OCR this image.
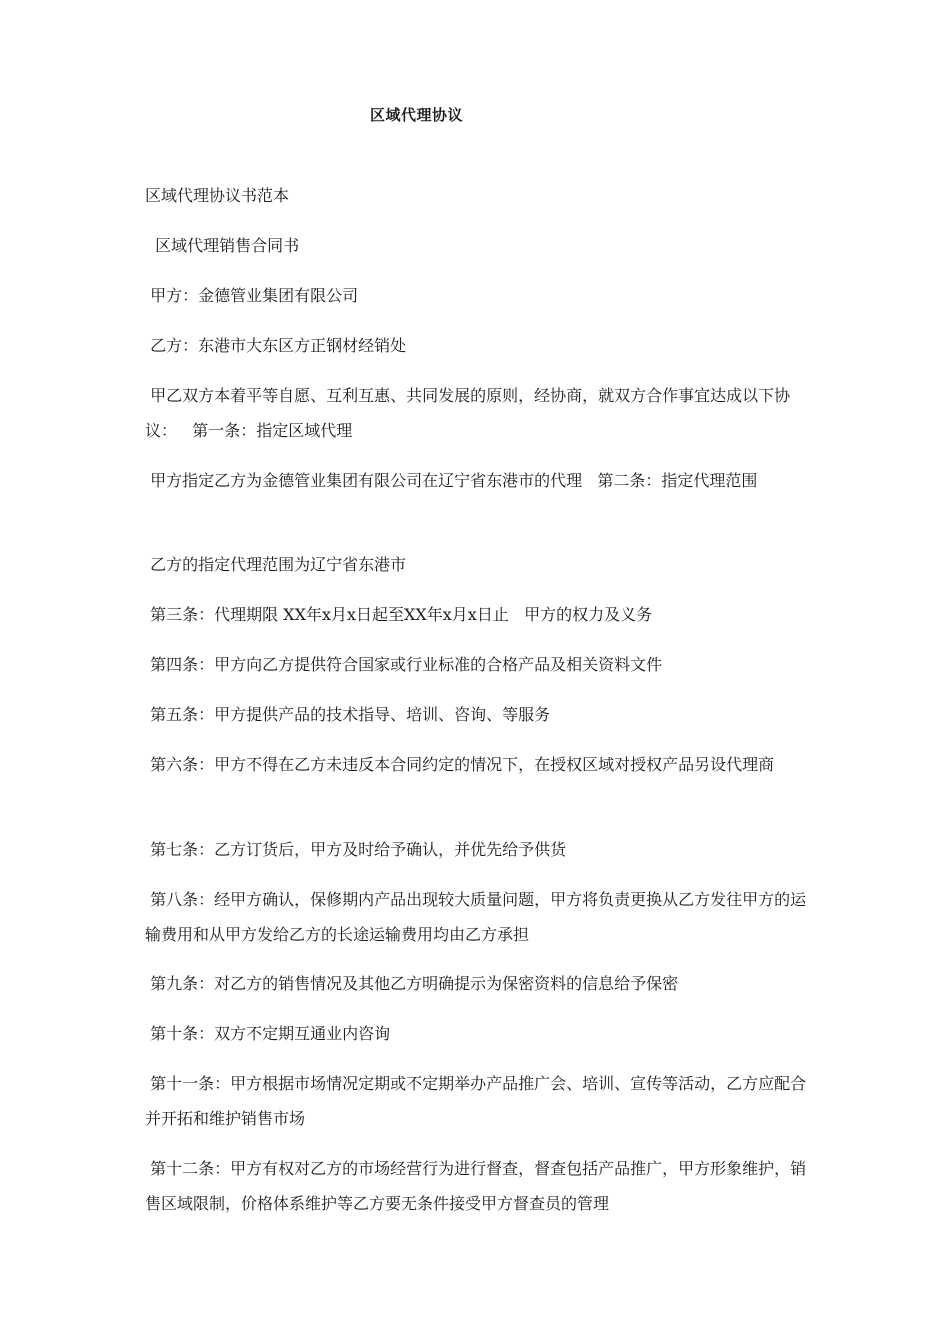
区域代理协议
区域代理协议书范本
区域代理销售合同书
甲方：金德管业集团有限公司
乙方：东港市大东区方正钢材经销处
甲乙双方本着平等自愿、互利互惠、共同发展的原则，经协商，就双方合作事宜达成以下协议：   第一条：指定区域代理
甲方指定乙方为金德管业集团有限公司在辽宁省东港市的代理   第二条：指定代理范围
乙方的指定代理范围为辽宁省东港市
第三条：代理期限 XX年x月x日起至XX年x月x日止   甲方的权力及义务
第四条：甲方向乙方提供符合国家或行业标准的合格产品及相关资料文件
第五条：甲方提供产品的技术指导、培训、咨询、等服务
第六条：甲方不得在乙方未违反本合同约定的情况下，在授权区域对授权产品另设代理商
第七条：乙方订货后，甲方及时给予确认，并优先给予供货
第八条：经甲方确认，保修期内产品出现较大质量问题，甲方将负责更换从乙方发往甲方的运输费用和从甲方发给乙方的长途运输费用均由乙方承担
第九条：对乙方的销售情况及其他乙方明确提示为保密资料的信息给予保密
第十条：双方不定期互通业内咨询
第十一条：甲方根据市场情况定期或不定期举办产品推广会、培训、宣传等活动，乙方应配合并开拓和维护销售市场
第十二条：甲方有权对乙方的市场经营行为进行督查，督查包括产品推广，甲方形象维护，销售区域限制，价格体系维护等乙方要无条件接受甲方督查员的管理
